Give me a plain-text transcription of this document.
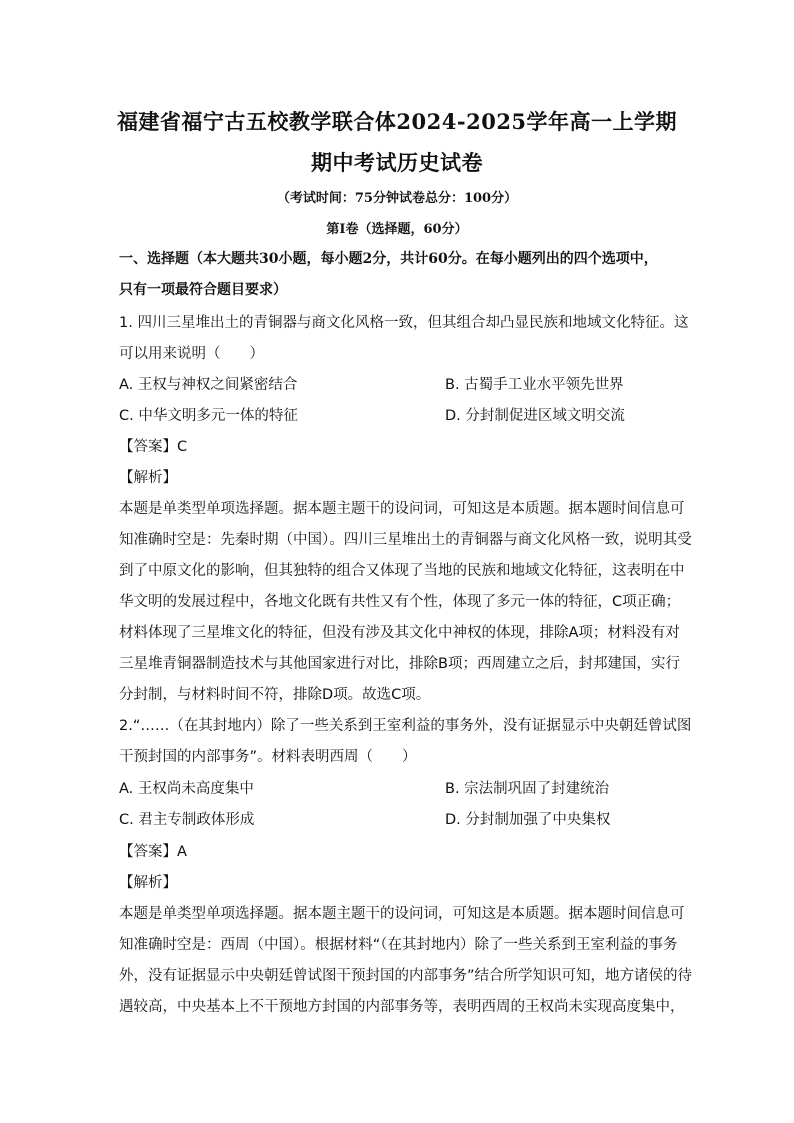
福建省福宁古五校教学联合体2024-2025学年高一上学期
期中考试历史试卷
（考试时间：75分钟试卷总分：100分）
第Ⅰ卷（选择题，60分）
一、选择题（本大题共30小题，每小题2分，共计60分。在每小题列出的四个选项中，
只有一项最符合题目要求）
1. 四川三星堆出土的青铜器与商文化风格一致，但其组合却凸显民族和地域文化特征。这
可以用来说明（　　）
A. 王权与神权之间紧密结合	B. 古蜀手工业水平领先世界
C. 中华文明多元一体的特征	D. 分封制促进区域文明交流
【答案】C
【解析】
本题是单类型单项选择题。据本题主题干的设问词，可知这是本质题。据本题时间信息可
知准确时空是：先秦时期（中国）。四川三星堆出土的青铜器与商文化风格一致，说明其受
到了中原文化的影响，但其独特的组合又体现了当地的民族和地域文化特征，这表明在中
华文明的发展过程中，各地文化既有共性又有个性，体现了多元一体的特征，C项正确；
材料体现了三星堆文化的特征，但没有涉及其文化中神权的体现，排除A项；材料没有对
三星堆青铜器制造技术与其他国家进行对比，排除B项；西周建立之后，封邦建国，实行
分封制，与材料时间不符，排除D项。故选C项。
2.“……（在其封地内）除了一些关系到王室利益的事务外，没有证据显示中央朝廷曾试图
干预封国的内部事务”。材料表明西周（　　）
A. 王权尚未高度集中	B. 宗法制巩固了封建统治
C. 君主专制政体形成	D. 分封制加强了中央集权
【答案】A
【解析】
本题是单类型单项选择题。据本题主题干的设问词，可知这是本质题。据本题时间信息可
知准确时空是：西周（中国）。根据材料“（在其封地内）除了一些关系到王室利益的事务
外，没有证据显示中央朝廷曾试图干预封国的内部事务”结合所学知识可知，地方诸侯的待
遇较高，中央基本上不干预地方封国的内部事务等，表明西周的王权尚未实现高度集中，
